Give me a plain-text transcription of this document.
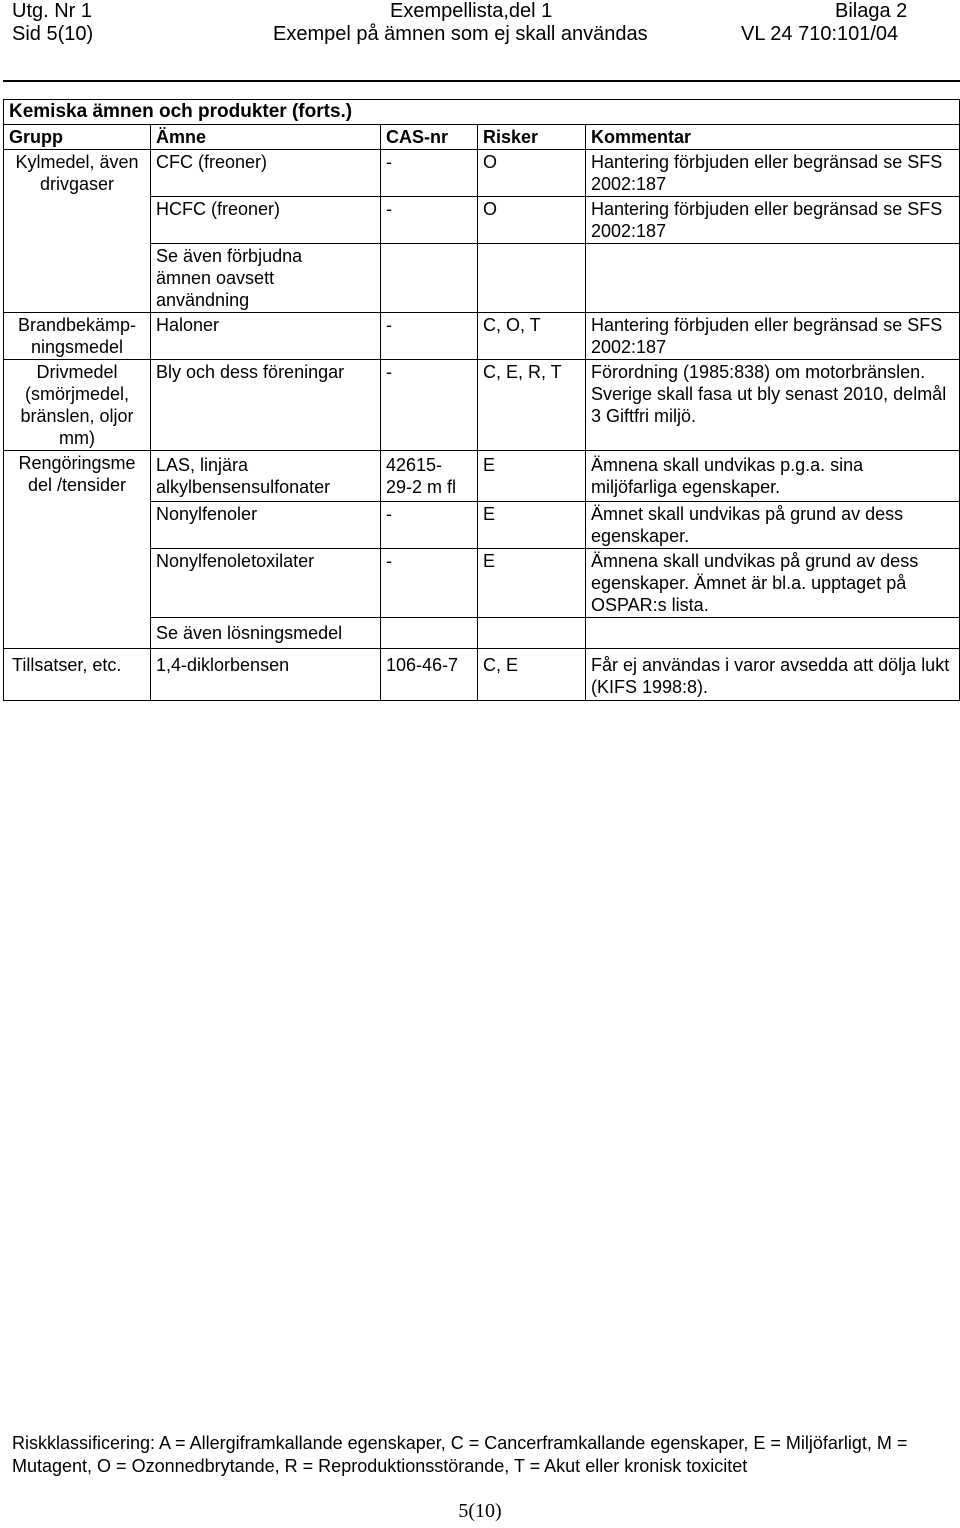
Utg. Nr 1	Exempellista,del 1	Bilaga 2
Sid 5(10)	Exempel på ämnen som ej skall användas	VL 24 710:101/04
Kemiska ämnen och produkter (forts.)				
Grupp	Ämne	CAS-nr	Risker	Kommentar
Kylmedel, även drivgaser	CFC (freoner)	-	O	Hantering förbjuden eller begränsad se SFS 2002:187
	HCFC (freoner)	-	O	Hantering förbjuden eller begränsad se SFS 2002:187
	Se även förbjudna ämnen oavsett användning			
Brandbekämp-ningsmedel	Haloner	-	C, O, T	Hantering förbjuden eller begränsad se SFS 2002:187
Drivmedel (smörjmedel, bränslen, oljor mm)	Bly och dess föreningar	-	C, E, R, T	Förordning (1985:838) om motorbränslen. Sverige skall fasa ut bly senast 2010, delmål 3 Giftfri miljö.
Rengöringsme del /tensider	LAS, linjära alkylbensensulfonater	42615-29-2 m fl	E	Ämnena skall undvikas p.g.a. sina miljöfarliga egenskaper.
	Nonylfenoler	-	E	Ämnet skall undvikas på grund av dess egenskaper.
	Nonylfenoletoxilater	-	E	Ämnena skall undvikas på grund av dess egenskaper. Ämnet är bl.a. upptaget på OSPAR:s lista.
	Se även lösningsmedel			
Tillsatser, etc.	1,4-diklorbensen	106-46-7	C, E	Får ej användas i varor avsedda att dölja lukt (KIFS 1998:8).
Riskklassificering: A = Allergiframkallande egenskaper, C = Cancerframkallande egenskaper, E = Miljöfarligt, M = Mutagent, O = Ozonnedbrytande, R = Reproduktionsstörande, T = Akut eller kronisk toxicitet
5(10)
